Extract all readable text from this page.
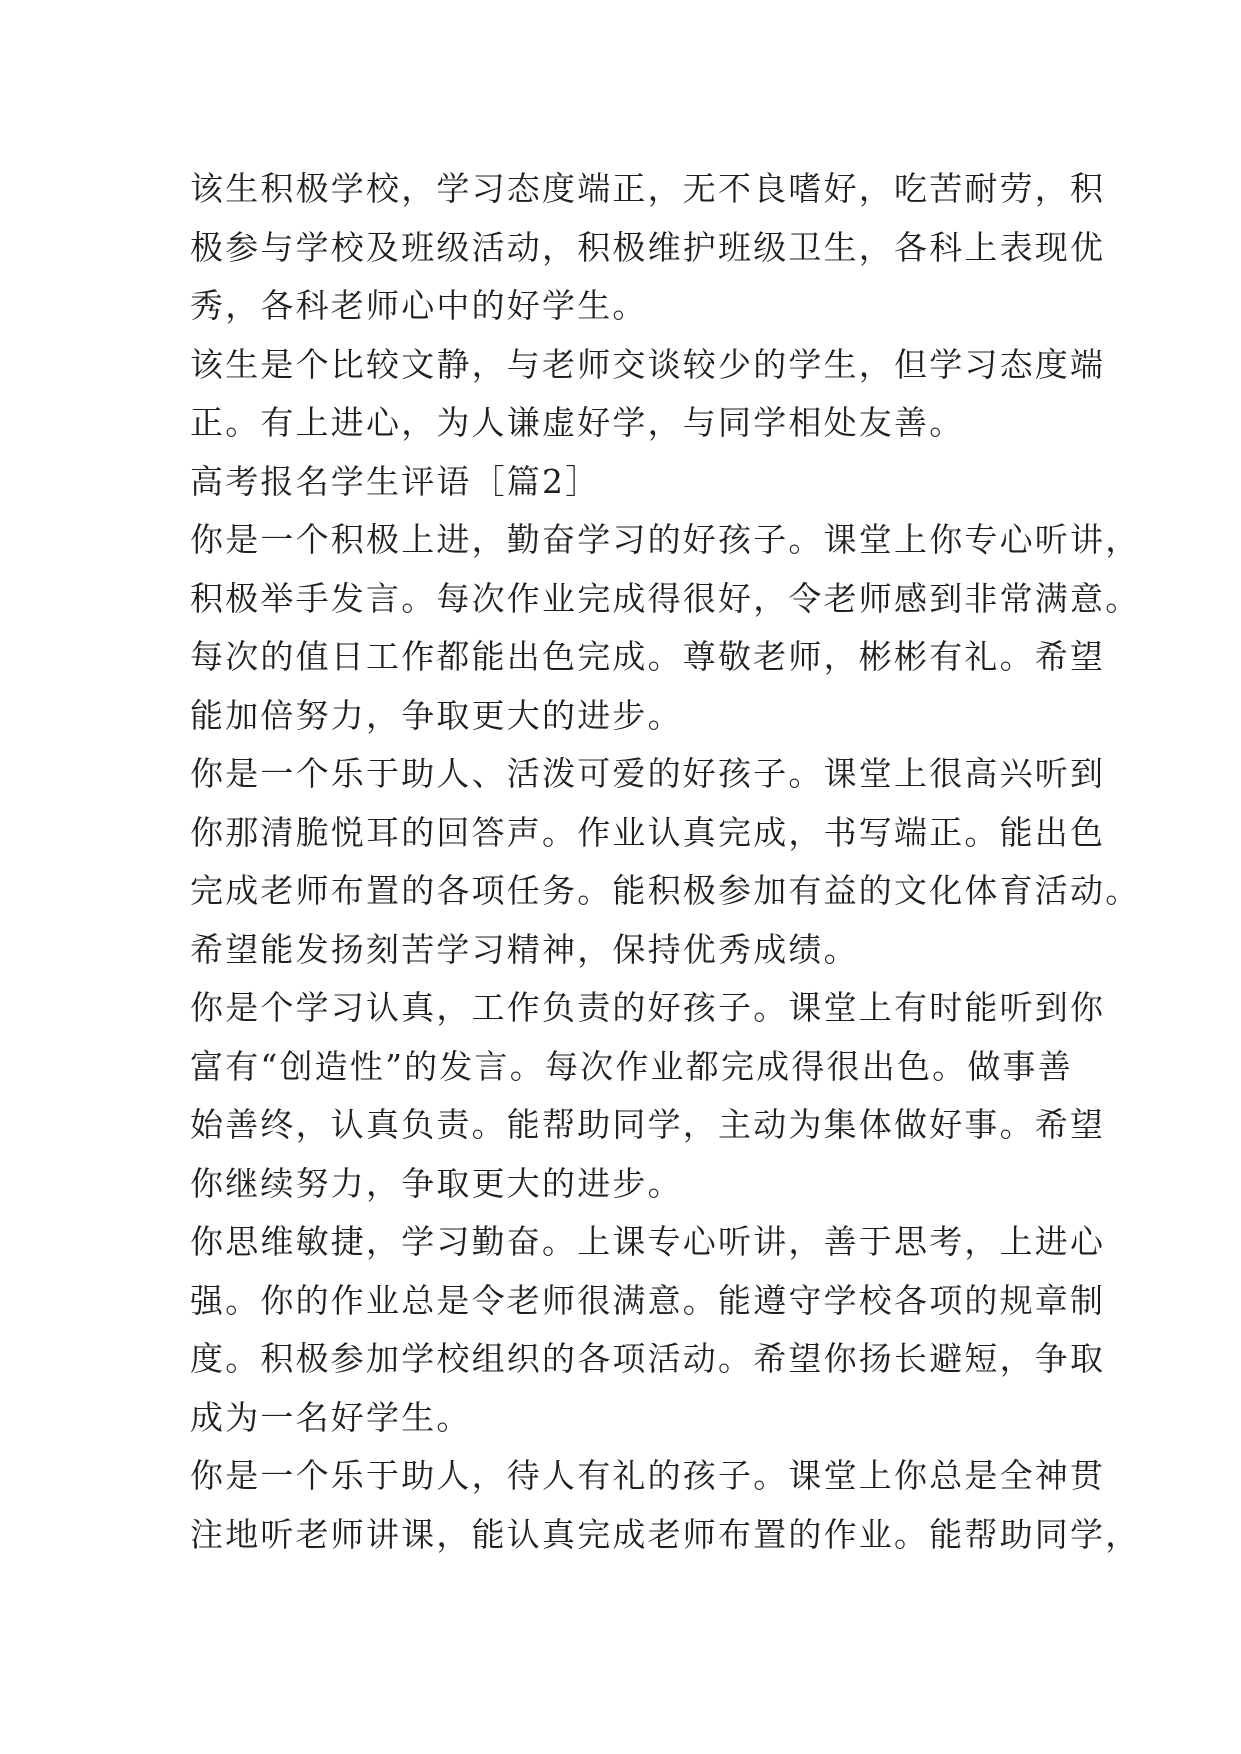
该生积极学校，学习态度端正，无不良嗜好，吃苦耐劳，积
极参与学校及班级活动，积极维护班级卫生，各科上表现优
秀，各科老师心中的好学生。
该生是个比较文静，与老师交谈较少的学生，但学习态度端
正。有上进心，为人谦虚好学，与同学相处友善。
高考报名学生评语［篇2］
你是一个积极上进，勤奋学习的好孩子。课堂上你专心听讲，
积极举手发言。每次作业完成得很好，令老师感到非常满意。
每次的值日工作都能出色完成。尊敬老师，彬彬有礼。希望
能加倍努力，争取更大的进步。
你是一个乐于助人、活泼可爱的好孩子。课堂上很高兴听到
你那清脆悦耳的回答声。作业认真完成，书写端正。能出色
完成老师布置的各项任务。能积极参加有益的文化体育活动。
希望能发扬刻苦学习精神，保持优秀成绩。
你是个学习认真，工作负责的好孩子。课堂上有时能听到你
富有“创造性”的发言。每次作业都完成得很出色。做事善
始善终，认真负责。能帮助同学，主动为集体做好事。希望
你继续努力，争取更大的进步。
你思维敏捷，学习勤奋。上课专心听讲，善于思考，上进心
强。你的作业总是令老师很满意。能遵守学校各项的规章制
度。积极参加学校组织的各项活动。希望你扬长避短，争取
成为一名好学生。
你是一个乐于助人，待人有礼的孩子。课堂上你总是全神贯
注地听老师讲课，能认真完成老师布置的作业。能帮助同学，
